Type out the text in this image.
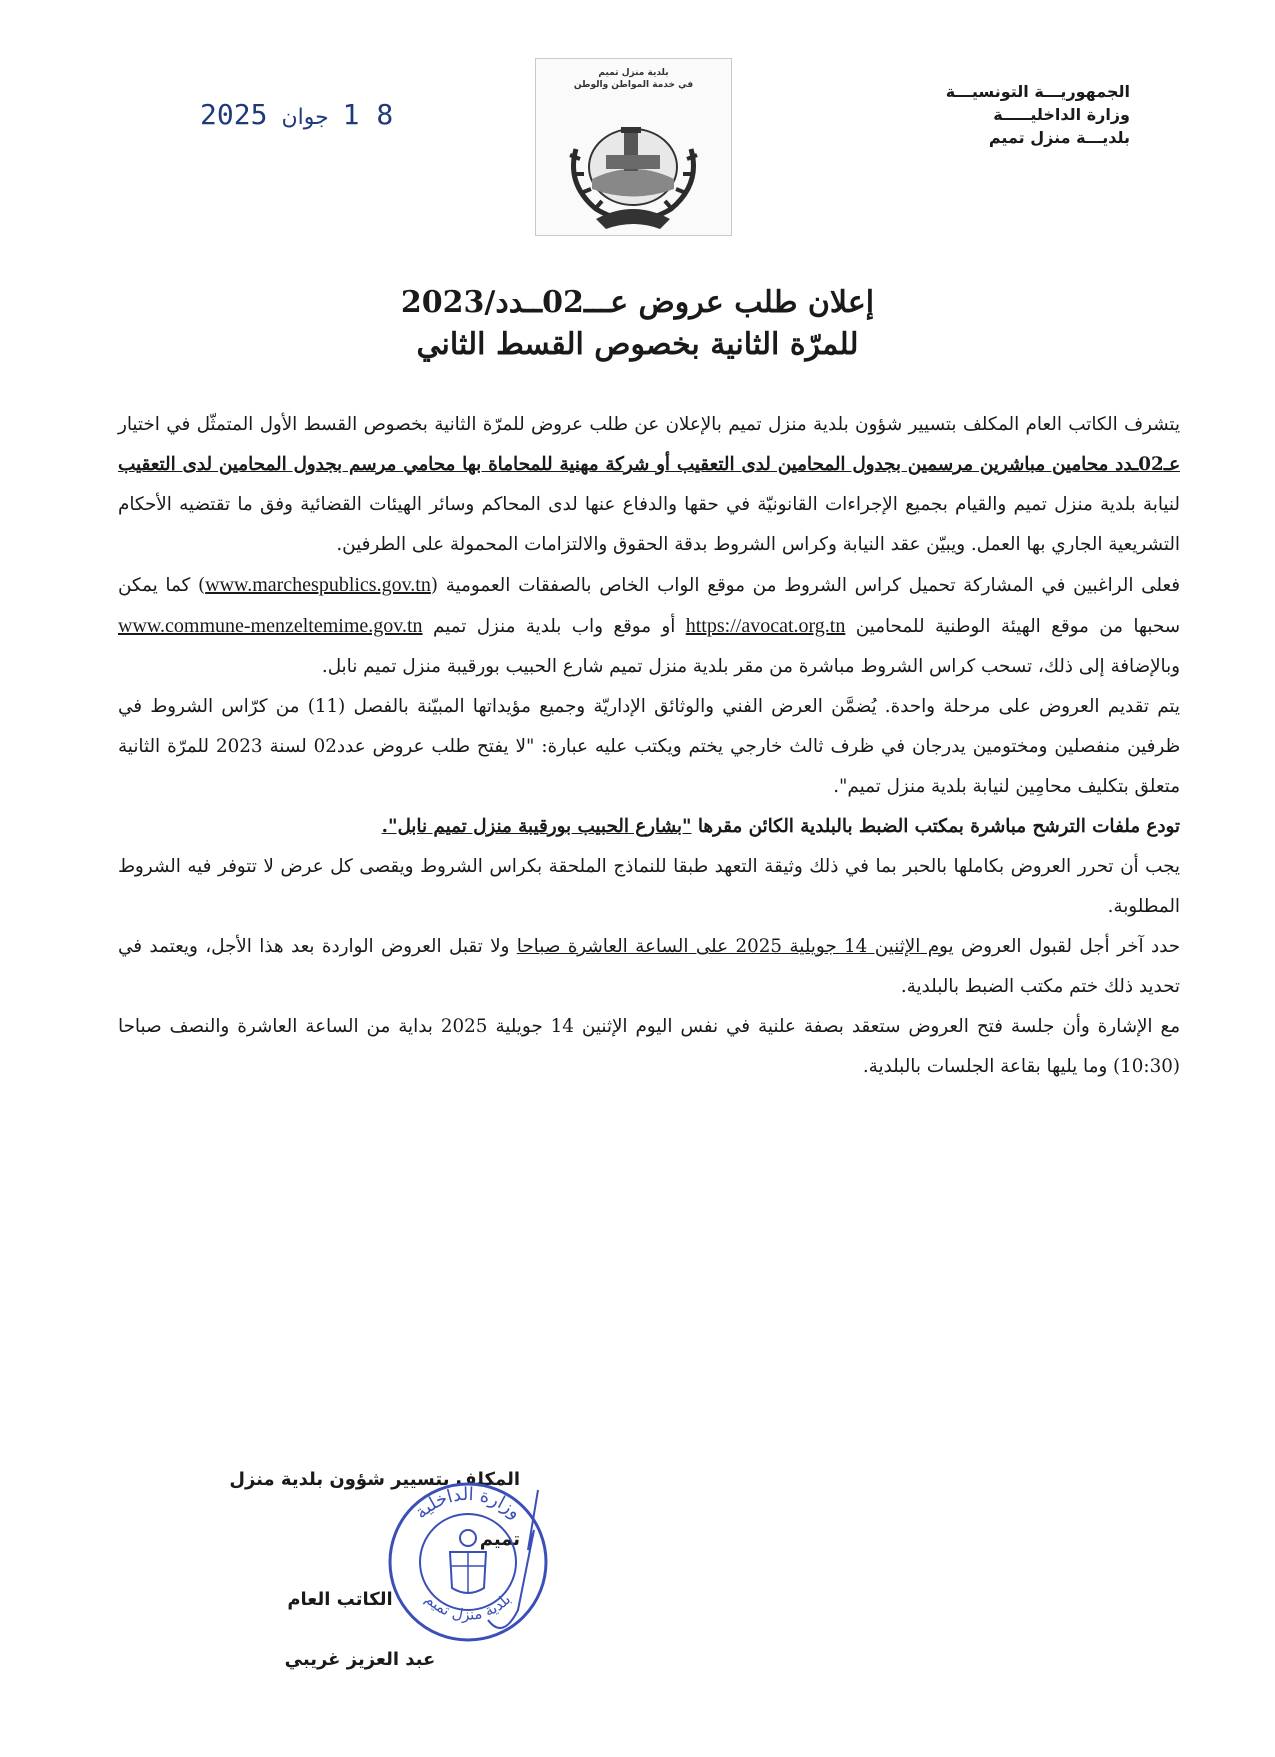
الجمهوريـــة التونسيـــة
وزارة الداخليـــــة
بلديـــة منزل تميم
بلدية منزل تميم
في خدمة المواطن والوطن
2025 جوان 1 8
إعلان طلب عروض عـــ02ــدد/2023
للمرّة الثانية بخصوص القسط الثاني

يتشرف الكاتب العام المكلف بتسيير شؤون بلدية منزل تميم بالإعلان عن طلب عروض للمرّة الثانية بخصوص القسط الأول المتمثّل في اختيار عـ02ـدد محامين مباشرين مرسمين بجدول المحامين لدى التعقيب أو شركة مهنية للمحاماة بها محامي مرسم بجدول المحامين لدى التعقيب لنيابة بلدية منزل تميم والقيام بجميع الإجراءات القانونيّة في حقها والدفاع عنها لدى المحاكم وسائر الهيئات القضائية وفق ما تقتضيه الأحكام التشريعية الجاري بها العمل. ويبيّن عقد النيابة وكراس الشروط بدقة الحقوق والالتزامات المحمولة على الطرفين.

فعلى الراغبين في المشاركة تحميل كراس الشروط من موقع الواب الخاص بالصفقات العمومية (www.marchespublics.gov.tn) كما يمكن سحبها من موقع الهيئة الوطنية للمحامين https://avocat.org.tn أو موقع واب بلدية منزل تميم www.commune-menzeltemime.gov.tn وبالإضافة إلى ذلك، تسحب كراس الشروط مباشرة من مقر بلدية منزل تميم شارع الحبيب بورقيبة منزل تميم نابل.

يتم تقديم العروض على مرحلة واحدة. يُضمَّن العرض الفني والوثائق الإداريّة وجميع مؤيداتها المبيّنة بالفصل (11) من كرّاس الشروط في ظرفين منفصلين ومختومين يدرجان في ظرف ثالث خارجي يختم ويكتب عليه عبارة: "لا يفتح طلب عروض عدد02 لسنة 2023 للمرّة الثانية متعلق بتكليف محامِين لنيابة بلدية منزل تميم".

تودع ملفات الترشح مباشرة بمكتب الضبط بالبلدية الكائن مقرها "بشارع الحبيب بورقيبة منزل تميم نابل".

يجب أن تحرر العروض بكاملها بالحبر بما في ذلك وثيقة التعهد طبقا للنماذج الملحقة بكراس الشروط ويقصى كل عرض لا تتوفر فيه الشروط المطلوبة.

حدد آخر أجل لقبول العروض يوم الإثنين 14 جويلية 2025 على الساعة العاشرة صباحا ولا تقبل العروض الواردة بعد هذا الأجل، ويعتمد في تحديد ذلك ختم مكتب الضبط بالبلدية.

مع الإشارة وأن جلسة فتح العروض ستعقد بصفة علنية في نفس اليوم الإثنين 14 جويلية 2025 بداية من الساعة العاشرة والنصف صباحا (10:30) وما يليها بقاعة الجلسات بالبلدية.

المكلف بتسيير شؤون بلدية منزل تميم
الكاتب العام
عبد العزيز غريبي
وزارة الداخلية
بلدية منزل تميم
